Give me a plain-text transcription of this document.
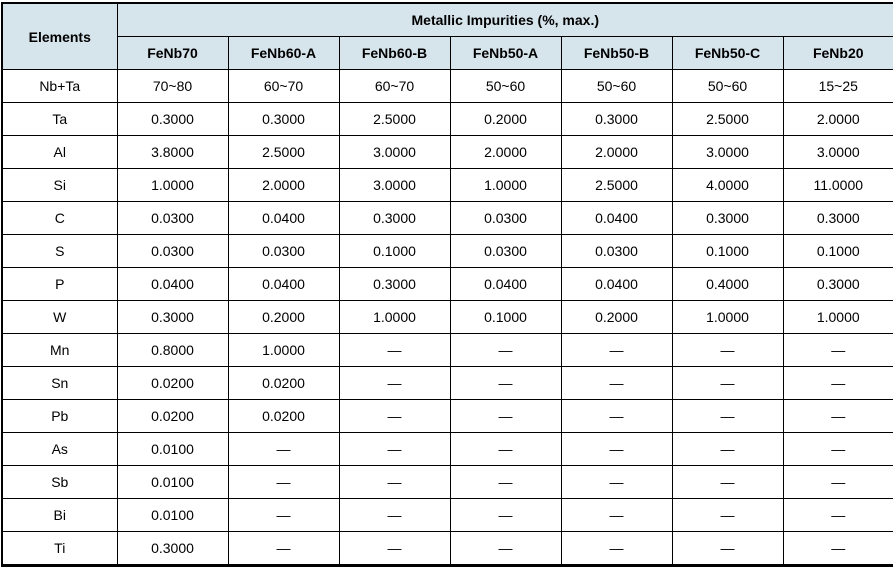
Elements	Metallic Impurities (%, max.)						
	FeNb70	FeNb60-A	FeNb60-B	FeNb50-A	FeNb50-B	FeNb50-C	FeNb20
Nb+Ta	70~80	60~70	60~70	50~60	50~60	50~60	15~25
Ta	0.3000	0.3000	2.5000	0.2000	0.3000	2.5000	2.0000
Al	3.8000	2.5000	3.0000	2.0000	2.0000	3.0000	3.0000
Si	1.0000	2.0000	3.0000	1.0000	2.5000	4.0000	11.0000
C	0.0300	0.0400	0.3000	0.0300	0.0400	0.3000	0.3000
S	0.0300	0.0300	0.1000	0.0300	0.0300	0.1000	0.1000
P	0.0400	0.0400	0.3000	0.0400	0.0400	0.4000	0.3000
W	0.3000	0.2000	1.0000	0.1000	0.2000	1.0000	1.0000
Mn	0.8000	1.0000	—	—	—	—	—
Sn	0.0200	0.0200	—	—	—	—	—
Pb	0.0200	0.0200	—	—	—	—	—
As	0.0100	—	—	—	—	—	—
Sb	0.0100	—	—	—	—	—	—
Bi	0.0100	—	—	—	—	—	—
Ti	0.3000	—	—	—	—	—	—
